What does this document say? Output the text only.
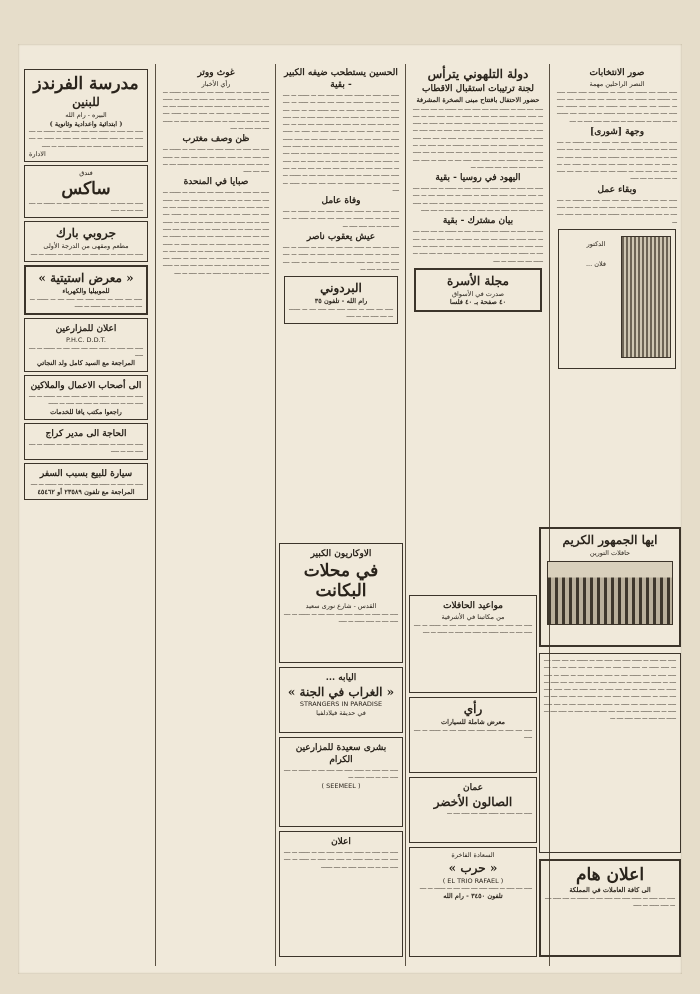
صور الانتخابات
النصر الراحلين مهمة
ـــــ ــــــ ــــ ـــــــ ــــ ـــــ ـــ ـــــــ ــــ ـــــ ــــــ ـــــ ـــ ــــــــ ــــ ـــــــ ـــ ـــــ ــــــ ــــ ـــــ ــــــ ــــ ـــــ ـــ ـــــــ ــــ ـــــ ـــــ ــــ ـــــــ ـــ ـــــ ــــ ـــــــ ــــ ـــــ ــــ ـــــ ـــ ــــ ــــ ـــــ ـــــــ ـــ ــــ ـــــ ــــ ـــــــ ـــ ـــــ ـــــ ـــ ــــــ ــــ ـــ ـــــ ــــ ـــــ ـــــ ـــ ــــ
وجهة [شورى]
ـــــ ــــ ـــــ ـــ ــــــ ـــــ ــــ ـــــ ــــ ـــ ـــــــ ـــ ــــ ـــــ ــــ ـــ ـــــ ــــــ ـــ ـــــ ــــ ـــــ ـــ ــــــ ـــ ــــ ـــــ ــــ ـــ ــــ ـــــ ـــــ ـــ ــــ ـــــــ ــــ ـــ ـــــ ــــ ـــــ ــــ ـــ ـــــ ـــ ـــــ ــــ ـــ ــــــ ــــ ـــــ ـــ ــــ ـــــ ــــ ـــ ــــ ـــــ ـــ ــــ ـــــ ـــ ــــــ ــــ ــــ ـــــ ـــ ــــ ــــ ـــــ ـــ ــــ ـــــ ـــ ــــ ـــــ
وبقاء عمل
ـــــ ــــ ـــــ ـــ ــــــ ـــــ ــــ ـــــ ــــ ـــ ـــــــ ـــ ــــ ـــــ ــــ ـــ ـــــ ــــــ ـــ ـــــ ــــ ـــــ ـــ ــــــ ـــ ــــ ـــــ ــــ ـــ ــــ ـــــ ـــــ ـــ ــــ ـــــــ ــــ ـــ ـــــ ــــ ـــــ ــــ ـــ
الدكتور
فلان ...
دولة التلهوني يترأس
لجنة ترتيبات استقبال الاقطاب
حضور الاحتفال بافتتاح مبنى الصخرة المشرفة
ـــــ ــــ ـــــ ـــ ــــــ ـــــ ــــ ـــــ ــــ ـــ ـــــــ ـــ ــــ ـــــ ــــ ـــ ـــــ ــــــ ـــ ـــــ ــــ ـــــ ـــ ــــــ ـــ ــــ ـــــ ــــ ـــ ــــ ـــــ ـــــ ـــ ــــ ـــــــ ــــ ـــ ـــــ ــــ ـــــ ــــ ـــ ـــــ ـــ ـــــ ــــ ـــ ــــــ ــــ ـــــ ـــ ــــ ـــــ ــــ ـــ ــــ ـــــ ـــ ــــ ـــــ ـــ ــــــ ــــ ــــ ـــــ ـــ ــــ ــــ ـــــ ـــ ــــ ـــــ ـــ ــــ ـــــ ـــــ ــــ ـــــ ـــ ــــــ ـــــ ــــ ـــــ ــــ ـــ ـــــــ ـــ ــــ ـــــ ــــ ـــ ـــــ ــــــ ـــ ـــــ ــــ ـــــ ـــ ــــــ ـــ ــــ ـــــ ــــ ـــ ــــ ـــــ ـــــ ـــ ــــ ـــــــ ــــ ـــ ـــــ ــــ ـــــ ــــ ـــ ـــــ ـــ ـــــ ــــ ـــ ــــــ ــــ ـــــ ـــ ــــ ـــــ ــــ ـــ
اليهود في روسيا - بقية
ـــــ ــــ ـــــ ـــ ــــــ ـــــ ــــ ـــــ ــــ ـــ ـــــــ ـــ ــــ ـــــ ــــ ـــ ـــــ ــــــ ـــ ـــــ ــــ ـــــ ـــ ــــــ ـــ ــــ ـــــ ــــ ـــ ــــ ـــــ ـــــ ـــ ــــ ـــــــ ــــ ـــ ـــــ ــــ ـــــ ــــ ـــ ـــــ ـــ ـــــ ــــ ـــ ــــــ ــــ ـــــ ـــ ــــ ـــــ ــــ ـــ ــــ ـــــ ـــ ــــ ـــــ
بيان مشترك - بقية
ـــــ ــــ ـــــ ـــ ــــــ ـــــ ــــ ـــــ ــــ ـــ ـــــــ ـــ ــــ ـــــ ــــ ـــ ـــــ ــــــ ـــ ـــــ ــــ ـــــ ـــ ــــــ ـــ ــــ ـــــ ــــ ـــ ــــ ـــــ ـــــ ـــ ــــ ـــــــ ــــ ـــ ـــــ ــــ ـــــ ــــ ـــ ـــــ ـــ ـــــ ــــ ـــ ــــــ ــــ ـــــ ـــ ــــ ـــــ ــــ ـــ ــــ ـــــ ـــ ــــ ـــــ ـــ ــــــ ــــ ــــ ـــــ ـــ ــــ
مجلة الأسرة
صدرت في الأسواق
٤٠ صفحة بـ ٤٠ فلسا
الحسين يستطحب ضيفه الكبير - بقية
ـــــ ــــ ـــــ ـــ ــــــ ـــــ ــــ ـــــ ــــ ـــ ـــــــ ـــ ــــ ـــــ ــــ ـــ ـــــ ــــــ ـــ ـــــ ــــ ـــــ ـــ ــــــ ـــ ــــ ـــــ ــــ ـــ ــــ ـــــ ـــــ ـــ ــــ ـــــــ ــــ ـــ ـــــ ــــ ـــــ ــــ ـــ ـــــ ـــ ـــــ ــــ ـــ ــــــ ــــ ـــــ ـــ ــــ ـــــ ــــ ـــ ــــ ـــــ ـــ ــــ ـــــ ـــ ــــــ ــــ ــــ ـــــ ـــ ــــ ــــ ـــــ ـــ ــــ ـــــ ـــ ــــ ـــــ ـــــ ــــ ـــــ ـــ ــــــ ـــــ ــــ ـــــ ــــ ـــ ـــــــ ـــ ــــ ـــــ ــــ ـــ ـــــ ــــــ ـــ ـــــ ــــ ـــــ ـــ ــــــ ـــ ــــ ـــــ ــــ ـــ ــــ ـــــ ـــــ ـــ ــــ ـــــــ ــــ ـــ ـــــ ــــ ـــــ ــــ ـــ ـــــ ـــ ـــــ ــــ ـــ ــــــ ــــ ـــــ ـــ ــــ ـــــ ــــ ـــ ــــ ـــــ ـــ ــــ ـــــ ـــ ــــــ ــــ ــــ ـــــ ـــ ــــ ــــ ـــــ ـــ ــــ ـــــ ـــ ــــ ـــــ ـــــ ــــ ـــــ ـــ ــــــ ـــــ ــــ ـــــ ــــ ـــ ـــــــ ـــ ــــ ـــــ ــــ ـــ ـــــ ــــــ ـــ ـــــ ــــ ـــــ ـــ ــــــ ـــ ــــ
وفاة عامل
ـــــ ــــ ـــــ ـــ ــــــ ـــــ ــــ ـــــ ــــ ـــ ـــــــ ـــ ــــ ـــــ ــــ ـــ ـــــ ــــــ ـــ ـــــ ــــ ـــــ ـــ ــــــ ـــ ــــ ـــــ ــــ ـــ ــــ ـــــ ـــــ ـــ
عيش يعقوب ناصر
ـــــ ــــ ـــــ ـــ ــــــ ـــــ ــــ ـــــ ــــ ـــ ـــــــ ـــ ــــ ـــــ ــــ ـــ ـــــ ــــــ ـــ ـــــ ــــ ـــــ ـــ ــــــ ـــ ــــ ـــــ ــــ ـــ ــــ ـــــ ـــــ ـــ ــــ ـــــــ ــــ ـــ ـــــ ــــ ـــــ ــــ ـــ ـــــ ـــ
البردوني
رام الله - تلفون ٣٥
ـــــ ــــ ـــــ ـــ ــــــ ـــــ ــــ ـــــ ــــ ـــ ـــــــ ـــ ــــ ـــــ ــــ ـــ ـــــ
غوث ووتر
رأي الأخبار
ـــــ ــــ ـــــ ـــ ــــــ ـــــ ــــ ـــــ ــــ ـــ ـــــــ ـــ ــــ ـــــ ــــ ـــ ـــــ ــــــ ـــ ـــــ ــــ ـــــ ـــ ــــــ ـــ ــــ ـــــ ــــ ـــ ــــ ـــــ ـــــ ـــ ــــ ـــــــ ــــ ـــ ـــــ ــــ ـــــ ــــ ـــ ـــــ ـــ ـــــ ــــ ـــ ــــــ ــــ ـــــ ـــ ــــ ـــــ ــــ ـــ ــــ ـــــ ـــ ــــ ـــــ ـــ ــــــ ــــ ــــ ـــــ ـــ ــــ
ظن وصف مغترب
ـــــ ــــ ـــــ ـــ ــــــ ـــــ ــــ ـــــ ــــ ـــ ـــــــ ـــ ــــ ـــــ ــــ ـــ ـــــ ــــــ ـــ ـــــ ــــ ـــــ ـــ ــــــ ـــ ــــ ـــــ ــــ ـــ ــــ ـــــ ـــــ ـــ ــــ ـــــــ ــــ ـــ ـــــ ــــ ـــــ
صبايا في المنحدة
ـــــ ــــ ـــــ ـــ ــــــ ـــــ ــــ ـــــ ــــ ـــ ـــــــ ـــ ــــ ـــــ ــــ ـــ ـــــ ــــــ ـــ ـــــ ــــ ـــــ ـــ ــــــ ـــ ــــ ـــــ ــــ ـــ ــــ ـــــ ـــــ ـــ ــــ ـــــــ ــــ ـــ ـــــ ــــ ـــــ ــــ ـــ ـــــ ـــ ـــــ ــــ ـــ ــــــ ــــ ـــــ ـــ ــــ ـــــ ــــ ـــ ــــ ـــــ ـــ ــــ ـــــ ـــ ــــــ ــــ ــــ ـــــ ـــ ــــ ــــ ـــــ ـــ ــــ ـــــ ـــ ــــ ـــــ ـــــ ــــ ـــــ ـــ ــــــ ـــــ ــــ ـــــ ــــ ـــ ـــــــ ـــ ــــ ـــــ ــــ ـــ ـــــ ــــــ ـــ ـــــ ــــ ـــــ ـــ ــــــ ـــ ــــ ـــــ ــــ ـــ ــــ ـــــ ـــــ ـــ ــــ ـــــــ ــــ ـــ ـــــ ــــ ـــــ ــــ ـــ ـــــ ـــ ـــــ ــــ ـــ ــــــ ــــ ـــــ ـــ ــــ ـــــ ــــ ـــ ــــ ـــــ ـــ ــــ ـــــ ـــ ــــــ ــــ ــــ ـــــ ـــ ــــ ــــ ـــــ ـــ ــــ ـــــ ـــ ــــ
مدرسة الفرندز
للبنين
البيره - رام الله
( ابتدائية واعدادية وثانوية )
ـــــ ــــ ـــــ ـــ ــــــ ـــــ ــــ ـــــ ــــ ـــ ـــــــ ـــ ــــ ـــــ ــــ ـــ ـــــ ــــــ ـــ ـــــ ــــ ـــــ ـــ ــــــ ـــ ــــ ـــــ ــــ ـــ ــــ ـــــ ـــــ ـــ ــــ ـــــــ ــــ ـــ ـــــ
الادارة
فندق
ساكس
ـــــ ــــ ـــــ ـــ ــــــ ـــــ ــــ ـــــ ــــ ـــ ـــــــ ـــ ــــ ـــــ ــــ ـــ ـــــ
جروبي بارك
مطعم ومقهى من الدرجة الأولى
ـــــ ــــ ـــــ ـــ ــــــ ـــــ ــــ ـــــ ــــ ـــ ـــــــ ـــ ــــ
« معرض استيتية »
للموبيليا والكهرباء
ـــــ ــــ ـــــ ـــ ــــــ ـــــ ــــ ـــــ ــــ ـــ ـــــــ ـــ ــــ ـــــ ــــ ـــ ـــــ ــــــ ـــ ـــــ
اعلان للمزارعين
P.H.C. D.D.T.
ـــــ ــــ ـــــ ـــ ــــــ ـــــ ــــ ـــــ ــــ ـــ ـــــــ ـــ ــــ ـــــ
المراجعة مع السيد كامل ولد النجاتي
الى أصحاب الاعمال والملاكين
ـــــ ــــ ـــــ ـــ ــــــ ـــــ ــــ ـــــ ــــ ـــ ـــــــ ـــ ــــ ـــــ ــــ ـــ ـــــ ــــــ ـــ ـــــ ــــ ـــــ ـــ ــــــ
راجعوا مكتب يافا للخدمات
الحاجة الى مدير كراج
ـــــ ــــ ـــــ ـــ ــــــ ـــــ ــــ ـــــ ــــ ـــ ـــــــ ـــ ــــ ـــــ ــــ ـــ ـــــ
سيارة للبيع بسبب السفر
ـــــ ــــ ـــــ ـــ ــــــ ـــــ ــــ ـــــ ــــ ـــ ـــــــ ـــ ــــ
المراجعة مع تلفون ٢٣٥٨٩ أو ٤٥٤٦٢
ايها الجمهور الكريم
حافلات التورين
مواعيد الحافلات
من مكاتبنا في الأشرفية
ـــــ ــــ ـــــ ـــ ــــــ ـــــ ــــ ـــــ ــــ ـــ ـــــــ ـــ ــــ ـــــ ــــ ـــ ـــــ ــــــ ـــ ـــــ ــــ ـــــ ـــ ــــــ ـــ ــــ
رأي
معرض شاملة للسيارات
ـــــ ــــ ـــــ ـــ ــــــ ـــــ ــــ ـــــ ــــ ـــ ـــــــ ـــ ــــ ـــــ
عمان
الصالون الأخضر
ـــــ ــــ ـــــ ـــ ــــــ ـــــ ــــ ـــــ ــــ ـــ
السعادة الفاخرة
« حرب »
( EL TRIO RAFAEL )
ـــــ ــــ ـــــ ـــ ــــــ ـــــ ــــ ـــــ ــــ ـــ ـــــــ ـــ ــــ
تلفون ٣٤٥٠ - رام الله
الاوكاريون الكبير
في محلات البكانت
القدس - شارع نورى سعيد
ـــــ ــــ ـــــ ـــ ــــــ ـــــ ــــ ـــــ ــــ ـــ ـــــــ ـــ ــــ ـــــ ــــ ـــ ـــــ ــــــ ـــ ـــــ
اليابه ...
« الغراب في الجنة »
STRANGERS IN PARADISE
في حديقة فيلادلفيا
بشرى سعيدة للمزارعين الكرام
ـــــ ــــ ـــــ ـــ ــــــ ـــــ ــــ ـــــ ــــ ـــ ـــــــ ـــ ــــ ـــــ ــــ ـــ ـــــ ــــــ ـــ
( SEEMEEL )
اعلان
ـــــ ــــ ـــــ ـــ ــــــ ـــــ ــــ ـــــ ــــ ـــ ـــــــ ـــ ــــ ـــــ ــــ ـــ ـــــ ــــــ ـــ ـــــ ــــ ـــــ ـــ ــــــ ـــ ــــ ـــــ ــــ ـــ ــــ ـــــ ـــــ ـــ ــــ ـــــــ
ـــــ ــــ ـــــ ـــ ــــــ ـــــ ــــ ـــــ ــــ ـــ ـــــــ ـــ ــــ ـــــ ــــ ـــ ـــــ ــــــ ـــ ـــــ ــــ ـــــ ـــ ــــــ ـــ ــــ ـــــ ــــ ـــ ــــ ـــــ ـــــ ـــ ــــ ـــــــ ــــ ـــ ـــــ ــــ ـــــ ــــ ـــ ـــــ ـــ ـــــ ــــ ـــ ــــــ ــــ ـــــ ـــ ــــ ـــــ ــــ ـــ ــــ ـــــ ـــ ــــ ـــــ ـــ ــــــ ــــ ــــ ـــــ ـــ ــــ ــــ ـــــ ـــ ــــ ـــــ ـــ ــــ ـــــ ـــــ ــــ ـــــ ـــ ــــــ ـــــ ــــ ـــــ ــــ ـــ ـــــــ ـــ ــــ ـــــ ــــ ـــ ـــــ ــــــ ـــ ـــــ ــــ ـــــ ـــ ــــــ ـــ ــــ ـــــ ــــ ـــ ــــ ـــــ ـــــ ـــ ــــ ـــــــ ــــ ـــ ـــــ ــــ ـــــ ــــ ـــ ـــــ ـــ ـــــ ــــ ـــ ــــــ ــــ ـــــ ـــ ــــ ـــــ ــــ ـــ
اعلان هام
الى كافة العاملات في المملكة
ـــــ ــــ ـــــ ـــ ــــــ ـــــ ــــ ـــــ ــــ ـــ ـــــــ ـــ ــــ ـــــ ــــ ـــ ـــــ ــــــ ـــ ـــــ
